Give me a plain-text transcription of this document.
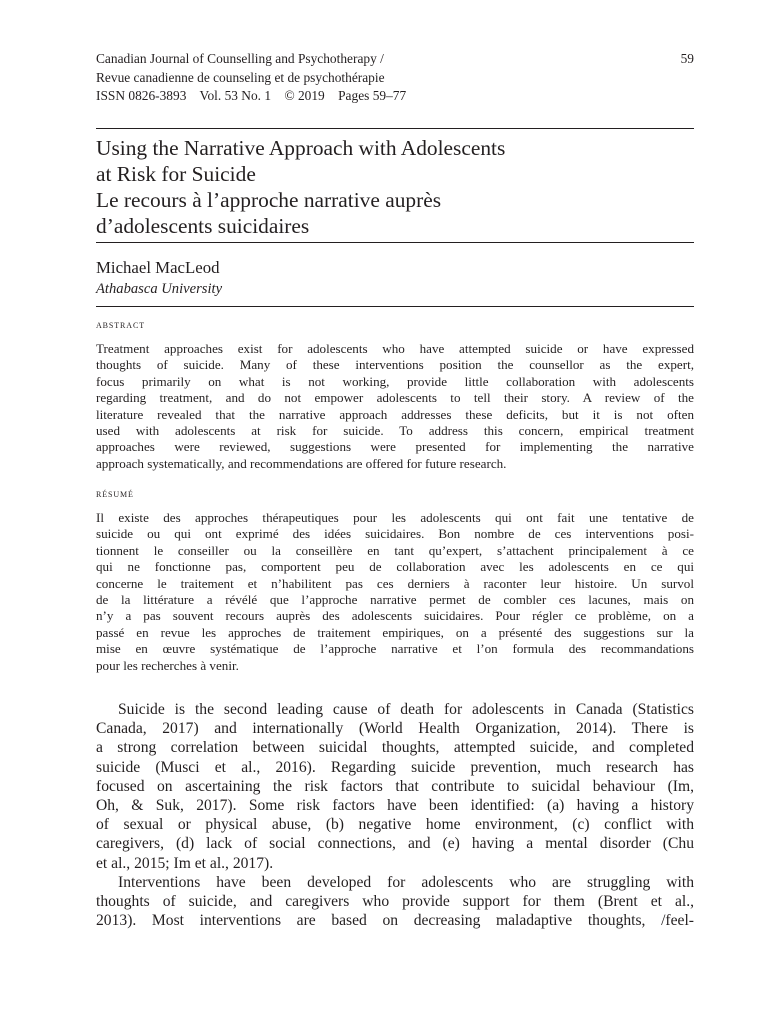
59
Canadian Journal of Counselling and Psychotherapy /
Revue canadienne de counseling et de psychothérapie
ISSN 0826-3893 Vol. 53 No. 1 © 2019 Pages 59–77
Using the Narrative Approach with Adolescents
at Risk for Suicide
Le recours à l’approche narrative auprès
d’adolescents suicidaires
Michael MacLeod
Athabasca University
abstract
Treatment approaches exist for adolescents who have attempted suicide or have expressed
thoughts of suicide. Many of these interventions position the counsellor as the expert,
focus primarily on what is not working, provide little collaboration with adolescents
regarding treatment, and do not empower adolescents to tell their story. A review of the
literature revealed that the narrative approach addresses these deficits, but it is not often
used with adolescents at risk for suicide. To address this concern, empirical treatment
approaches were reviewed, suggestions were presented for implementing the narrative
approach systematically, and recommendations are offered for future research.
résumé
Il existe des approches thérapeutiques pour les adolescents qui ont fait une tentative de
suicide ou qui ont exprimé des idées suicidaires. Bon nombre de ces interventions posi-
tionnent le conseiller ou la conseillère en tant qu’expert, s’attachent principalement à ce
qui ne fonctionne pas, comportent peu de collaboration avec les adolescents en ce qui
concerne le traitement et n’habilitent pas ces derniers à raconter leur histoire. Un survol
de la littérature a révélé que l’approche narrative permet de combler ces lacunes, mais on
n’y a pas souvent recours auprès des adolescents suicidaires. Pour régler ce problème, on a
passé en revue les approches de traitement empiriques, on a présenté des suggestions sur la
mise en œuvre systématique de l’approche narrative et l’on formula des recommandations
pour les recherches à venir.
Suicide is the second leading cause of death for adolescents in Canada (Statistics
Canada, 2017) and internationally (World Health Organization, 2014). There is
a strong correlation between suicidal thoughts, attempted suicide, and completed
suicide (Musci et al., 2016). Regarding suicide prevention, much research has
focused on ascertaining the risk factors that contribute to suicidal behaviour (Im,
Oh, & Suk, 2017). Some risk factors have been identified: (a) having a history
of sexual or physical abuse, (b) negative home environment, (c) conflict with
caregivers, (d) lack of social connections, and (e) having a mental disorder (Chu
et al., 2015; Im et al., 2017).
Interventions have been developed for adolescents who are struggling with
thoughts of suicide, and caregivers who provide support for them (Brent et al.,
2013). Most interventions are based on decreasing maladaptive thoughts, /feel-
